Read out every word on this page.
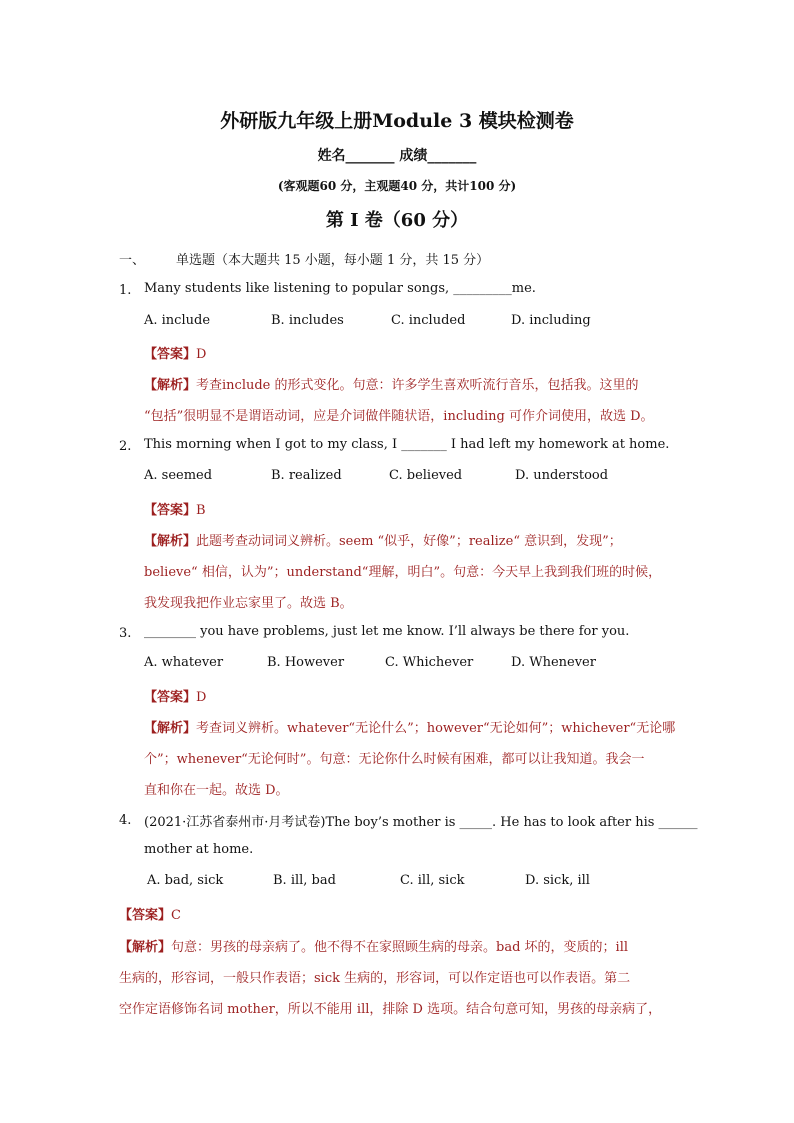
外研版九年级上册Module 3 模块检测卷
姓名_______ 成绩_______
(客观题60 分，主观题40 分，共计100 分)
第 I 卷（60 分）
一、 单选题（本大题共 15 小题，每小题 1 分，共 15 分）
1. Many students like listening to popular songs, _________me.
A. include	B. includes	C. included	D. including
【答案】D
【解析】考查include 的形式变化。句意：许多学生喜欢听流行音乐，包括我。这里的
“包括”很明显不是谓语动词，应是介词做伴随状语，including 可作介词使用，故选 D。
2. This morning when I got to my class, I _______ I had left my homework at home.
A. seemed	B. realized	C. believed	D. understood
【答案】B
【解析】此题考查动词词义辨析。seem “似乎，好像”；realize“ 意识到，发现”；
believe“ 相信，认为”；understand“理解，明白”。句意：今天早上我到我们班的时候，
我发现我把作业忘家里了。故选 B。
3. ________ you have problems, just let me know. I’ll always be there for you.
A. whatever	B. However	C. Whichever	D. Whenever
【答案】D
【解析】考查词义辨析。whatever“无论什么”；however“无论如何”；whichever“无论哪
个”；whenever“无论何时”。句意：无论你什么时候有困难，都可以让我知道。我会一
直和你在一起。故选 D。
4. (2021·江苏省泰州市·月考试卷)The boy’s mother is _____. He has to look after his ______
mother at home.
A. bad, sick	B. ill, bad	C. ill, sick	D. sick, ill
【答案】C
【解析】句意：男孩的母亲病了。他不得不在家照顾生病的母亲。bad 坏的，变质的；ill
生病的，形容词，一般只作表语；sick 生病的，形容词，可以作定语也可以作表语。第二
空作定语修饰名词 mother，所以不能用 ill，排除 D 选项。结合句意可知，男孩的母亲病了，
